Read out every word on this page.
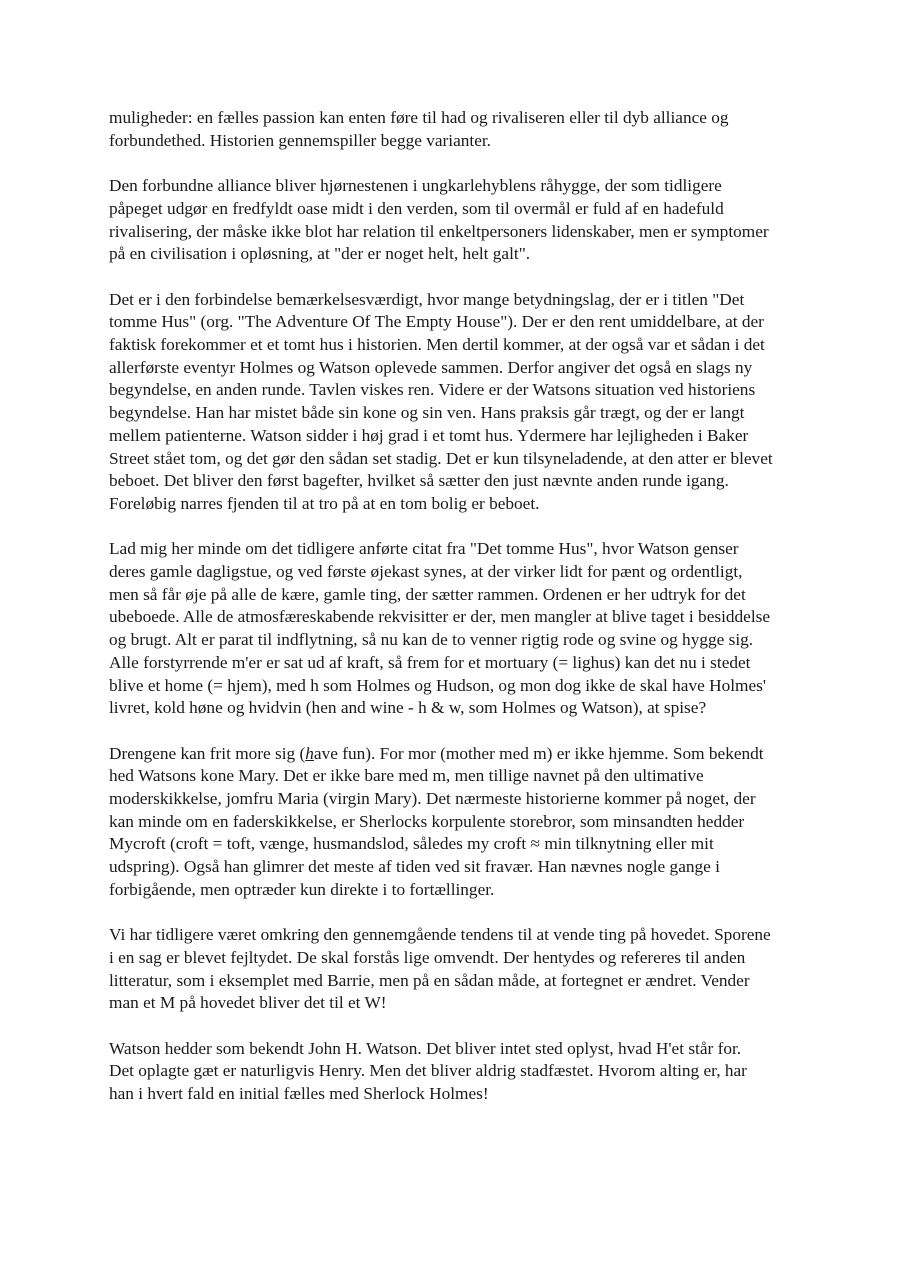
muligheder: en fælles passion kan enten føre til had og rivaliseren eller til dyb alliance og
forbundethed. Historien gennemspiller begge varianter.

Den forbundne alliance bliver hjørnestenen i ungkarlehyblens råhygge, der som tidligere
påpeget udgør en fredfyldt oase midt i den verden, som til overmål er fuld af en hadefuld
rivalisering, der måske ikke blot har relation til enkeltpersoners lidenskaber, men er symptomer
på en civilisation i opløsning, at "der er noget helt, helt galt".

Det er i den forbindelse bemærkelsesværdigt, hvor mange betydningslag, der er i titlen "Det
tomme Hus" (org. "The Adventure Of The Empty House"). Der er den rent umiddelbare, at der
faktisk forekommer et et tomt hus i historien. Men dertil kommer, at der også var et sådan i det
allerførste eventyr Holmes og Watson oplevede sammen. Derfor angiver det også en slags ny
begyndelse, en anden runde. Tavlen viskes ren. Videre er der Watsons situation ved historiens
begyndelse. Han har mistet både sin kone og sin ven. Hans praksis går trægt, og der er langt
mellem patienterne. Watson sidder i høj grad i et tomt hus. Ydermere har lejligheden i Baker
Street stået tom, og det gør den sådan set stadig. Det er kun tilsyneladende, at den atter er blevet
beboet. Det bliver den først bagefter, hvilket så sætter den just nævnte anden runde igang.
Foreløbig narres fjenden til at tro på at en tom bolig er beboet.

Lad mig her minde om det tidligere anførte citat fra "Det tomme Hus", hvor Watson genser
deres gamle dagligstue, og ved første øjekast synes, at der virker lidt for pænt og ordentligt,
men så får øje på alle de kære, gamle ting, der sætter rammen. Ordenen er her udtryk for det
ubeboede. Alle de atmosfæreskabende rekvisitter er der, men mangler at blive taget i besiddelse
og brugt. Alt er parat til indflytning, så nu kan de to venner rigtig rode og svine og hygge sig.
Alle forstyrrende m'er er sat ud af kraft, så frem for et mortuary (= lighus) kan det nu i stedet
blive et home (= hjem), med h som Holmes og Hudson, og mon dog ikke de skal have Holmes'
livret, kold høne og hvidvin (hen and wine - h & w, som Holmes og Watson), at spise?

Drengene kan frit more sig (have fun). For mor (mother med m) er ikke hjemme. Som bekendt
hed Watsons kone Mary. Det er ikke bare med m, men tillige navnet på den ultimative
moderskikkelse, jomfru Maria (virgin Mary). Det nærmeste historierne kommer på noget, der
kan minde om en faderskikkelse, er Sherlocks korpulente storebror, som minsandten hedder
Mycroft (croft = toft, vænge, husmandslod, således my croft ≈ min tilknytning eller mit
udspring). Også han glimrer det meste af tiden ved sit fravær. Han nævnes nogle gange i
forbigående, men optræder kun direkte i to fortællinger.

Vi har tidligere været omkring den gennemgående tendens til at vende ting på hovedet. Sporene
i en sag er blevet fejltydet. De skal forstås lige omvendt. Der hentydes og refereres til anden
litteratur, som i eksemplet med Barrie, men på en sådan måde, at fortegnet er ændret. Vender
man et M på hovedet bliver det til et W!

Watson hedder som bekendt John H. Watson. Det bliver intet sted oplyst, hvad H'et står for.
Det oplagte gæt er naturligvis Henry. Men det bliver aldrig stadfæstet. Hvorom alting er, har
han i hvert fald en initial fælles med Sherlock Holmes!
